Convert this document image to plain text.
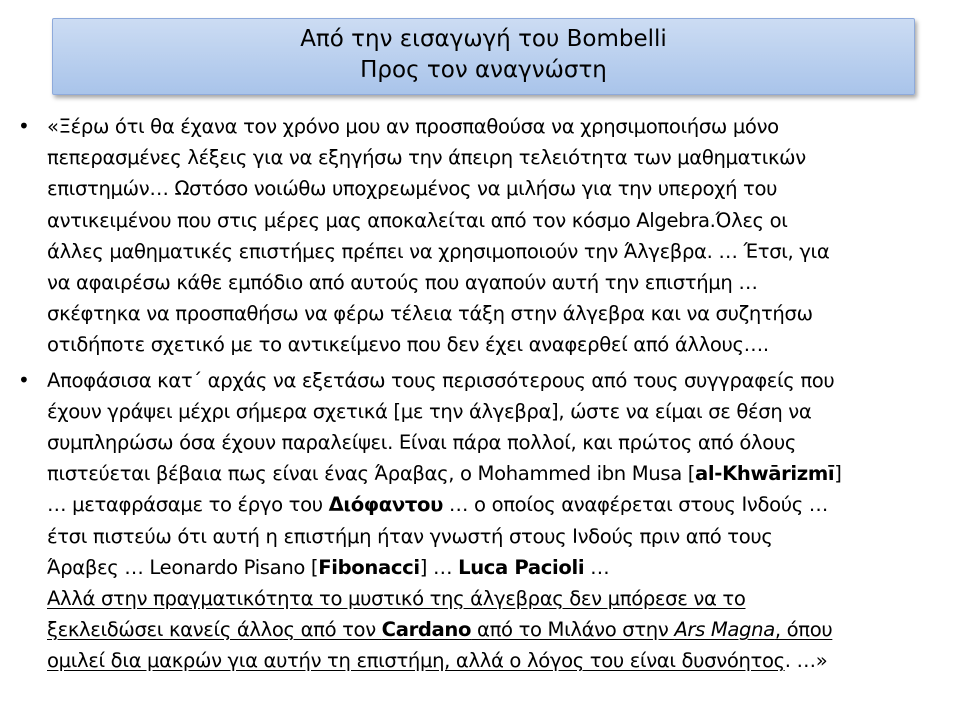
Από την εισαγωγή του Bombelli
Προς τον αναγνώστη
• «Ξέρω ότι θα έχανα τον χρόνο μου αν προσπαθούσα να χρησιμοποιήσω μόνο
πεπερασμένες λέξεις για να εξηγήσω την άπειρη τελειότητα των μαθηματικών
επιστημών… Ωστόσο νοιώθω υποχρεωμένος να μιλήσω για την υπεροχή του
αντικειμένου που στις μέρες μας αποκαλείται από τον κόσμο Algebra.Όλες οι
άλλες μαθηματικές επιστήμες πρέπει να χρησιμοποιούν την Άλγεβρα. … Έτσι, για
να αφαιρέσω κάθε εμπόδιο από αυτούς που αγαπούν αυτή την επιστήμη …
σκέφτηκα να προσπαθήσω να φέρω τέλεια τάξη στην άλγεβρα και να συζητήσω
οτιδήποτε σχετικό με το αντικείμενο που δεν έχει αναφερθεί από άλλους….
• Αποφάσισα κατ΄ αρχάς να εξετάσω τους περισσότερους από τους συγγραφείς που
έχουν γράψει μέχρι σήμερα σχετικά [με την άλγεβρα], ώστε να είμαι σε θέση να
συμπληρώσω όσα έχουν παραλείψει. Είναι πάρα πολλοί, και πρώτος από όλους
πιστεύεται βέβαια πως είναι ένας Άραβας, ο Mohammed ibn Musa [al-Khwārizmī]
… μεταφράσαμε το έργο του Διόφαντου … ο οποίος αναφέρεται στους Ινδούς …
έτσι πιστεύω ότι αυτή η επιστήμη ήταν γνωστή στους Ινδούς πριν από τους
Άραβες … Leonardo Pisano [Fibonacci] … Luca Pacioli …
Αλλά στην πραγματικότητα το μυστικό της άλγεβρας δεν μπόρεσε να το
ξεκλειδώσει κανείς άλλος από τον Cardano από το Μιλάνο στην Ars Magna, όπου
ομιλεί δια μακρών για αυτήν τη επιστήμη, αλλά ο λόγος του είναι δυσνόητος. …»
